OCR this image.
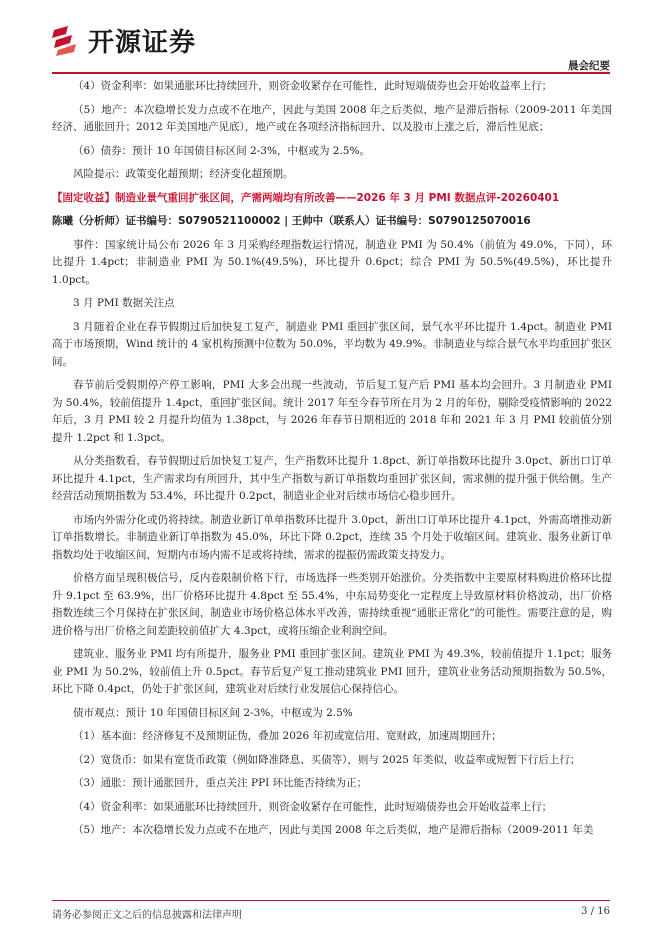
开源证券
晨会纪要

（4）资金利率：如果通胀环比持续回升，则资金收紧存在可能性，此时短端债券也会开始收益率上行；

（5）地产：本次稳增长发力点或不在地产，因此与美国 2008 年之后类似，地产是滞后指标（2009-2011 年美国经济、通胀回升；2012 年美国地产见底），地产或在各项经济指标回升、以及股市上涨之后，滞后性见底；

（6）债券：预计 10 年国债目标区间 2-3%，中枢或为 2.5%。

风险提示：政策变化超预期；经济变化超预期。

【固定收益】制造业景气重回扩张区间，产需两端均有所改善——2026 年 3 月 PMI 数据点评-20260401
陈曦（分析师）证书编号：S0790521100002 | 王帅中（联系人）证书编号：S0790125070016

事件：国家统计局公布 2026 年 3 月采购经理指数运行情况，制造业 PMI 为 50.4%（前值为 49.0%，下同），环比提升 1.4pct；非制造业 PMI 为 50.1%(49.5%)，环比提升 0.6pct；综合 PMI 为 50.5%(49.5%)，环比提升 1.0pct。

3 月 PMI 数据关注点

3 月随着企业在春节假期过后加快复工复产，制造业 PMI 重回扩张区间，景气水平环比提升 1.4pct。制造业 PMI 高于市场预期，Wind 统计的 4 家机构预测中位数为 50.0%，平均数为 49.9%。非制造业与综合景气水平均重回扩张区间。

春节前后受假期停产停工影响，PMI 大多会出现一些波动，节后复工复产后 PMI 基本均会回升。3 月制造业 PMI 为 50.4%，较前值提升 1.4pct，重回扩张区间。统计 2017 年至今春节所在月为 2 月的年份，剔除受疫情影响的 2022 年后，3 月 PMI 较 2 月提升均值为 1.38pct，与 2026 年春节日期相近的 2018 年和 2021 年 3 月 PMI 较前值分别提升 1.2pct 和 1.3pct。

从分类指数看，春节假期过后加快复工复产，生产指数环比提升 1.8pct、新订单指数环比提升 3.0pct、新出口订单环比提升 4.1pct，生产需求均有所回升，其中生产指数与新订单指数均重回扩张区间，需求侧的提升强于供给侧。生产经营活动预期指数为 53.4%，环比提升 0.2pct，制造业企业对后续市场信心稳步回升。

市场内外需分化或仍将持续。制造业新订单单指数环比提升 3.0pct，新出口订单环比提升 4.1pct，外需高增推动新订单指数增长。非制造业新订单指数为 45.0%，环比下降 0.2pct，连续 35 个月处于收缩区间。建筑业、服务业新订单指数均处于收缩区间，短期内市场内需不足或将持续，需求的提振仍需政策支持发力。

价格方面呈现积极信号，反内卷限制价格下行，市场选择一些类别开始涨价。分类指数中主要原材料购进价格环比提升 9.1pct 至 63.9%，出厂价格环比提升 4.8pct 至 55.4%，中东局势变化一定程度上导致原材料价格波动，出厂价格指数连续三个月保持在扩张区间，制造业市场价格总体水平改善，需持续重视“通胀正常化”的可能性。需要注意的是，购进价格与出厂价格之间差距较前值扩大 4.3pct，或将压缩企业利润空间。

建筑业、服务业 PMI 均有所提升，服务业 PMI 重回扩张区间。建筑业 PMI 为 49.3%，较前值提升 1.1pct；服务业 PMI 为 50.2%，较前值上升 0.5pct。春节后复产复工推动建筑业 PMI 回升，建筑业业务活动预期指数为 50.5%，环比下降 0.4pct，仍处于扩张区间，建筑业对后续行业发展信心保持信心。

债市观点：预计 10 年国债目标区间 2-3%，中枢或为 2.5%

（1）基本面：经济修复不及预期证伪，叠加 2026 年初或宽信用、宽财政，加速周期回升；

（2）宽货币：如果有宽货币政策（例如降准降息、买债等），则与 2025 年类似，收益率或短暂下行后上行；

（3）通胀：预计通胀回升，重点关注 PPI 环比能否持续为正；

（4）资金利率：如果通胀环比持续回升，则资金收紧存在可能性，此时短端债券也会开始收益率上行；

（5）地产：本次稳增长发力点或不在地产，因此与美国 2008 年之后类似，地产是滞后指标（2009-2011 年美

请务必参阅正文之后的信息披露和法律声明	3 / 16
